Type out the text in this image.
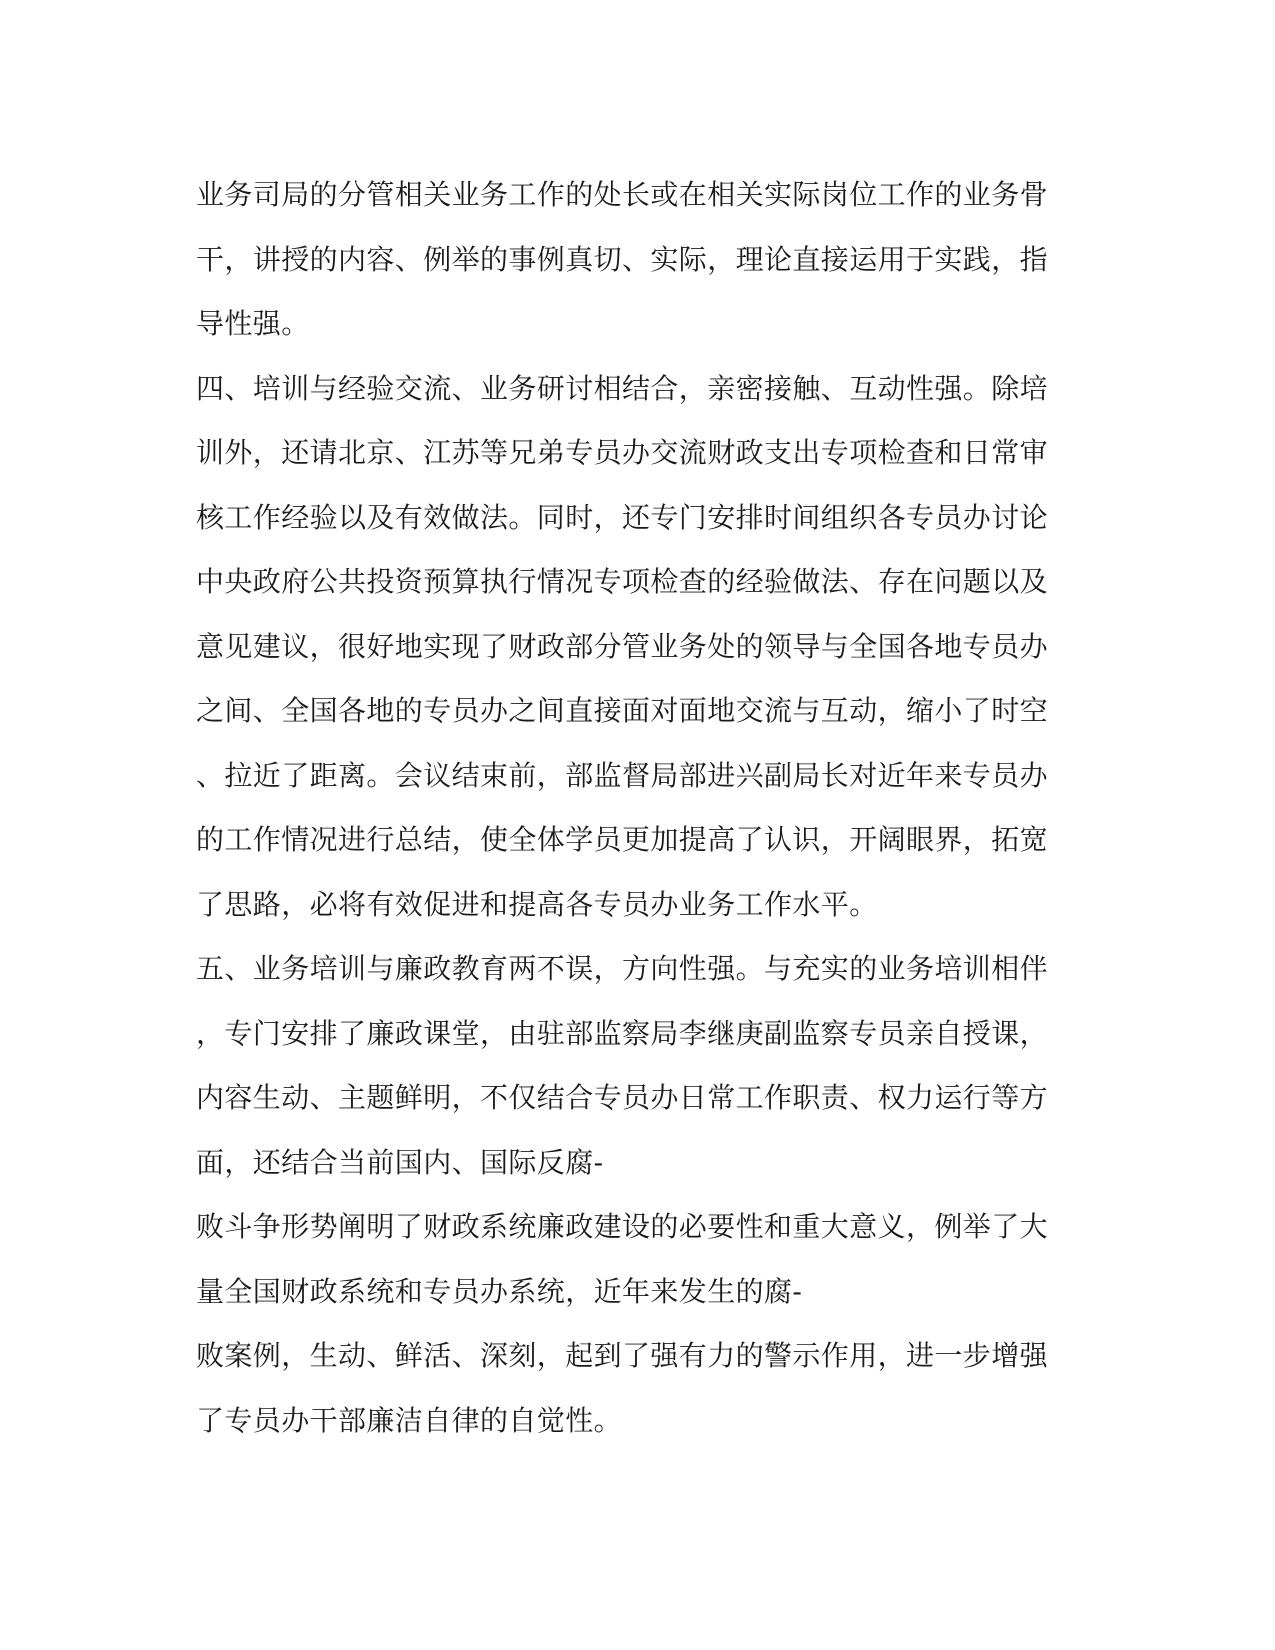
业务司局的分管相关业务工作的处长或在相关实际岗位工作的业务骨
干，讲授的内容、例举的事例真切、实际，理论直接运用于实践，指
导性强。
四、培训与经验交流、业务研讨相结合，亲密接触、互动性强。除培
训外，还请北京、江苏等兄弟专员办交流财政支出专项检查和日常审
核工作经验以及有效做法。同时，还专门安排时间组织各专员办讨论
中央政府公共投资预算执行情况专项检查的经验做法、存在问题以及
意见建议，很好地实现了财政部分管业务处的领导与全国各地专员办
之间、全国各地的专员办之间直接面对面地交流与互动，缩小了时空
、拉近了距离。会议结束前，部监督局部进兴副局长对近年来专员办
的工作情况进行总结，使全体学员更加提高了认识，开阔眼界，拓宽
了思路，必将有效促进和提高各专员办业务工作水平。
五、业务培训与廉政教育两不误，方向性强。与充实的业务培训相伴
，专门安排了廉政课堂，由驻部监察局李继庚副监察专员亲自授课，
内容生动、主题鲜明，不仅结合专员办日常工作职责、权力运行等方
面，还结合当前国内、国际反腐-
败斗争形势阐明了财政系统廉政建设的必要性和重大意义，例举了大
量全国财政系统和专员办系统，近年来发生的腐-
败案例，生动、鲜活、深刻，起到了强有力的警示作用，进一步增强
了专员办干部廉洁自律的自觉性。
